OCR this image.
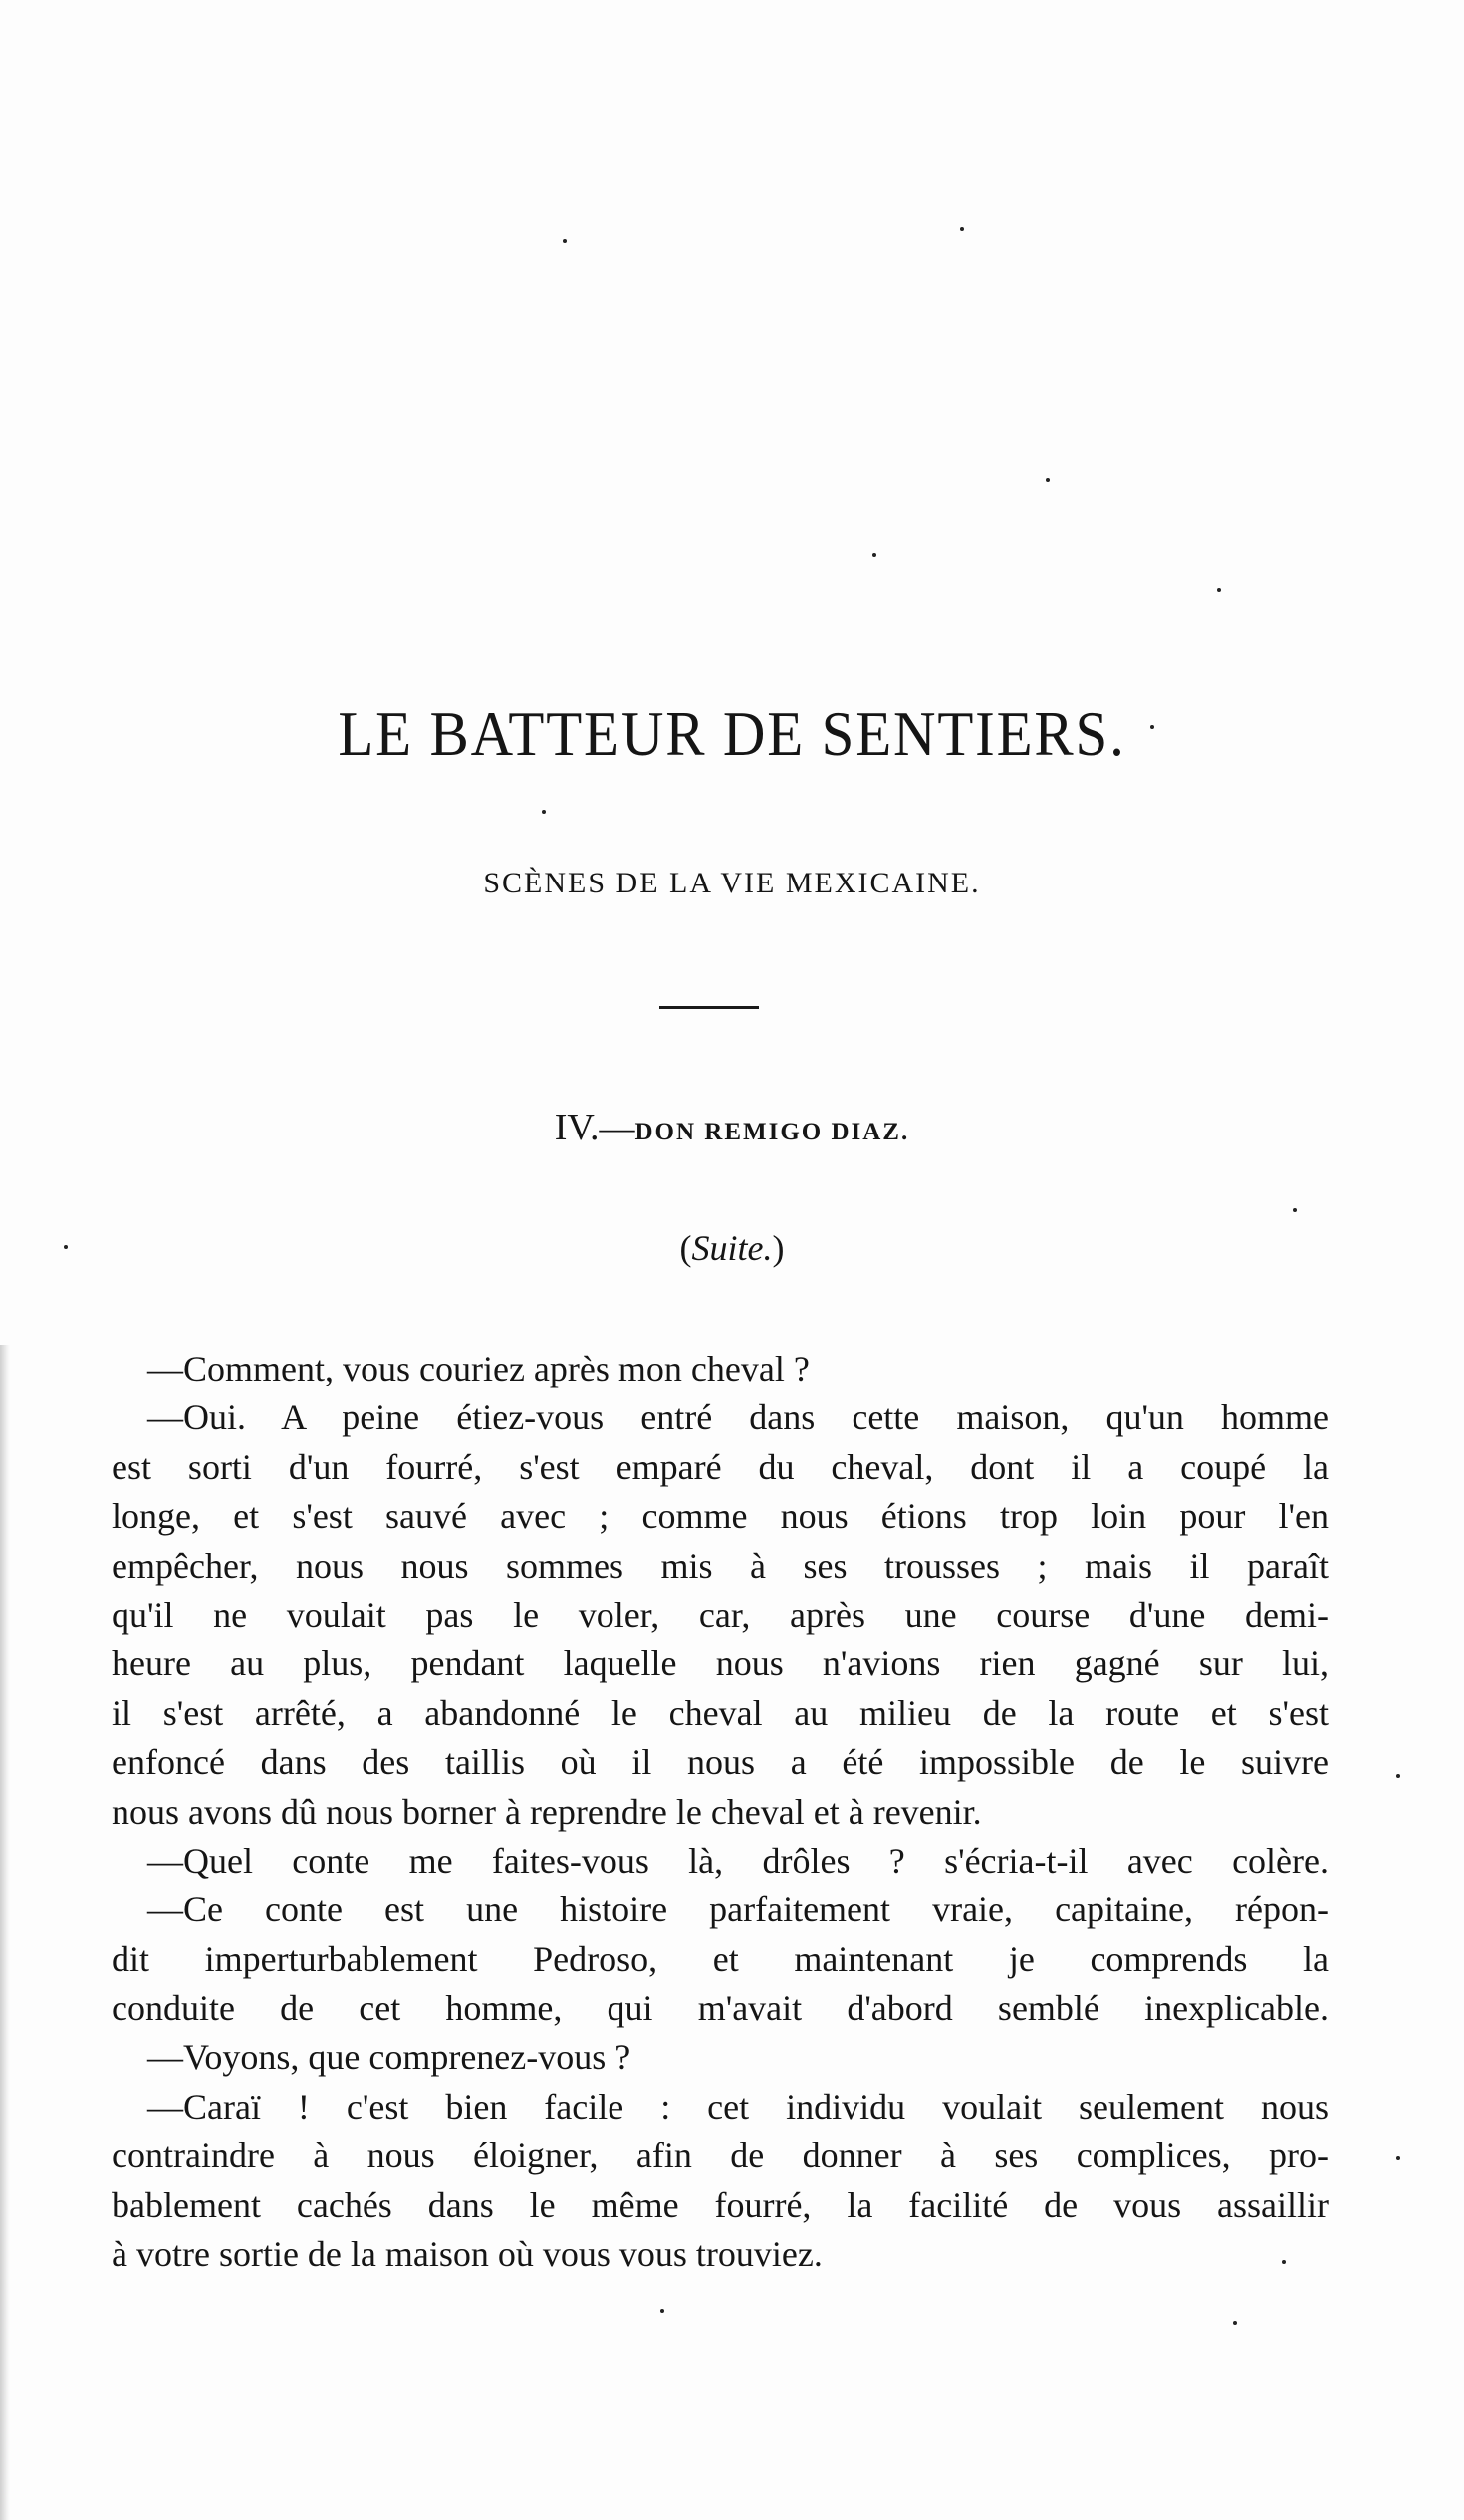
LE BATTEUR DE SENTIERS.
SCÈNES DE LA VIE MEXICAINE.
IV.—DON REMIGO DIAZ.
(Suite.)
—Comment, vous couriez après mon cheval ?
—Oui. A peine étiez-vous entré dans cette maison, qu'un homme
est sorti d'un fourré, s'est emparé du cheval, dont il a coupé la
longe, et s'est sauvé avec ; comme nous étions trop loin pour l'en
empêcher, nous nous sommes mis à ses trousses ; mais il paraît
qu'il ne voulait pas le voler, car, après une course d'une demi-
heure au plus, pendant laquelle nous n'avions rien gagné sur lui,
il s'est arrêté, a abandonné le cheval au milieu de la route et s'est
enfoncé dans des taillis où il nous a été impossible de le suivre
nous avons dû nous borner à reprendre le cheval et à revenir.
—Quel conte me faites-vous là, drôles ? s'écria-t-il avec colère.
—Ce conte est une histoire parfaitement vraie, capitaine, répon-
dit imperturbablement Pedroso, et maintenant je comprends la
conduite de cet homme, qui m'avait d'abord semblé inexplicable.
—Voyons, que comprenez-vous ?
—Caraï ! c'est bien facile : cet individu voulait seulement nous
contraindre à nous éloigner, afin de donner à ses complices, pro-
bablement cachés dans le même fourré, la facilité de vous assaillir
à votre sortie de la maison où vous vous trouviez.
